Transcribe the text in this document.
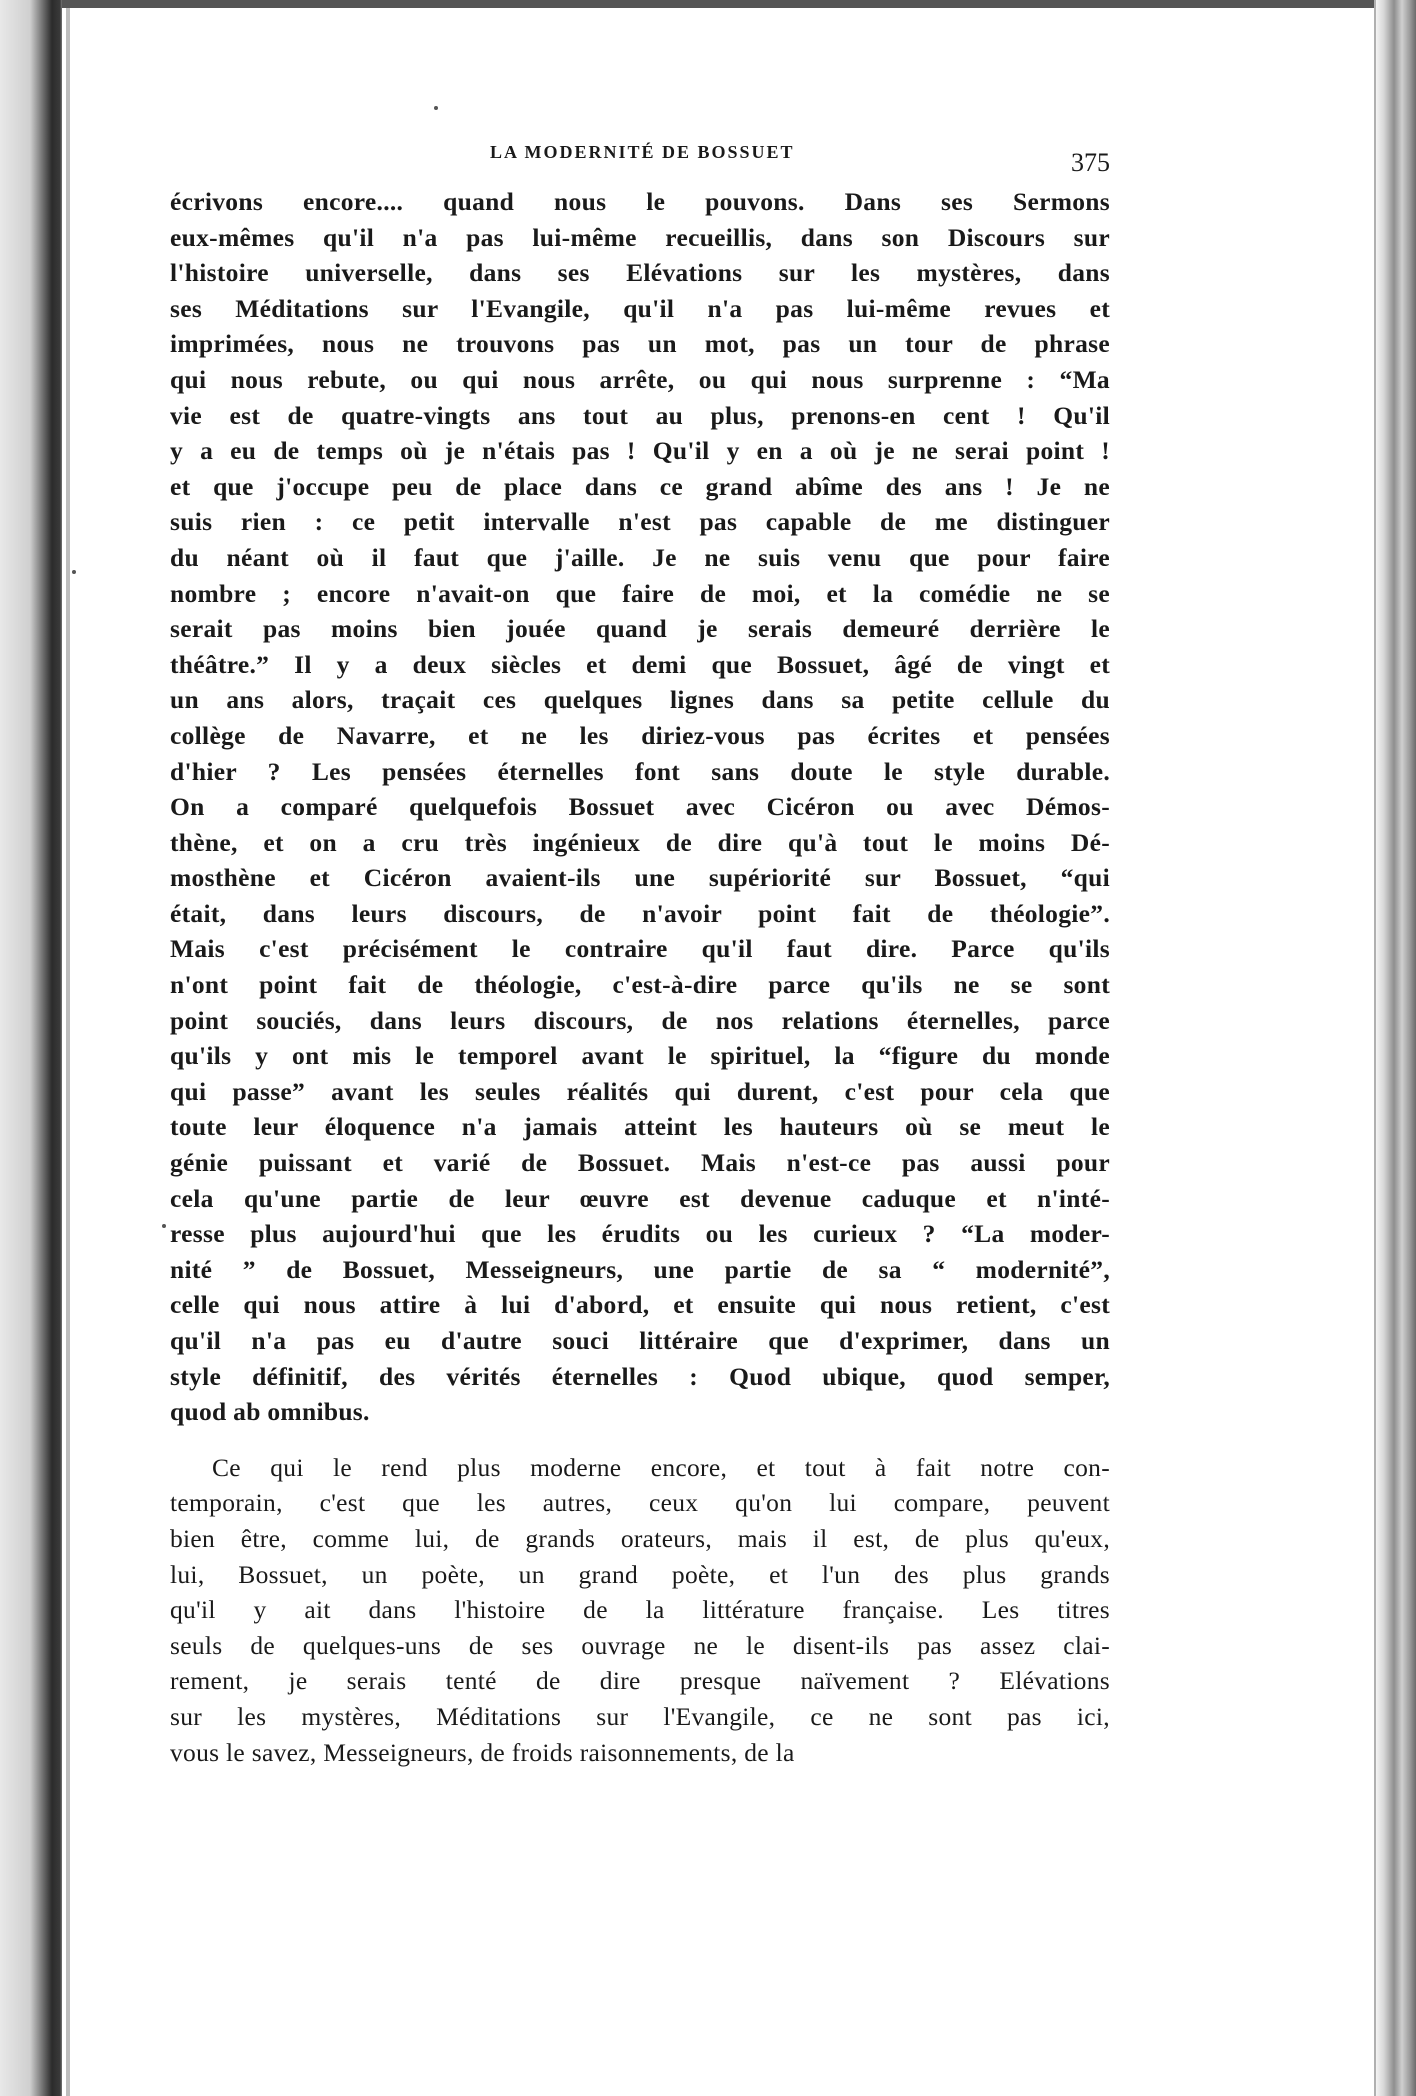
LA MODERNITÉ DE BOSSUET	375
écrivons encore.... quand nous le pouvons. Dans ses Sermons
eux-mêmes qu'il n'a pas lui-même recueillis, dans son Discours sur
l'histoire universelle, dans ses Elévations sur les mystères, dans
ses Méditations sur l'Evangile, qu'il n'a pas lui-même revues et
imprimées, nous ne trouvons pas un mot, pas un tour de phrase
qui nous rebute, ou qui nous arrête, ou qui nous surprenne : “Ma
vie est de quatre-vingts ans tout au plus, prenons-en cent ! Qu'il
y a eu de temps où je n'étais pas ! Qu'il y en a où je ne serai point !
et que j'occupe peu de place dans ce grand abîme des ans ! Je ne
suis rien : ce petit intervalle n'est pas capable de me distinguer
du néant où il faut que j'aille. Je ne suis venu que pour faire
nombre ; encore n'avait-on que faire de moi, et la comédie ne se
serait pas moins bien jouée quand je serais demeuré derrière le
théâtre.” Il y a deux siècles et demi que Bossuet, âgé de vingt et
un ans alors, traçait ces quelques lignes dans sa petite cellule du
collège de Navarre, et ne les diriez-vous pas écrites et pensées
d'hier ? Les pensées éternelles font sans doute le style durable.
On a comparé quelquefois Bossuet avec Cicéron ou avec Démos-
thène, et on a cru très ingénieux de dire qu'à tout le moins Dé-
mosthène et Cicéron avaient-ils une supériorité sur Bossuet, “qui
était, dans leurs discours, de n'avoir point fait de théologie”.
Mais c'est précisément le contraire qu'il faut dire. Parce qu'ils
n'ont point fait de théologie, c'est-à-dire parce qu'ils ne se sont
point souciés, dans leurs discours, de nos relations éternelles, parce
qu'ils y ont mis le temporel avant le spirituel, la “figure du monde
qui passe” avant les seules réalités qui durent, c'est pour cela que
toute leur éloquence n'a jamais atteint les hauteurs où se meut le
génie puissant et varié de Bossuet. Mais n'est-ce pas aussi pour
cela qu'une partie de leur œuvre est devenue caduque et n'inté-
resse plus aujourd'hui que les érudits ou les curieux ? “La moder-
nité ” de Bossuet, Messeigneurs, une partie de sa “ modernité”,
celle qui nous attire à lui d'abord, et ensuite qui nous retient, c'est
qu'il n'a pas eu d'autre souci littéraire que d'exprimer, dans un
style définitif, des vérités éternelles : Quod ubique, quod semper,
quod ab omnibus.
Ce qui le rend plus moderne encore, et tout à fait notre con-
temporain, c'est que les autres, ceux qu'on lui compare, peuvent
bien être, comme lui, de grands orateurs, mais il est, de plus qu'eux,
lui, Bossuet, un poète, un grand poète, et l'un des plus grands
qu'il y ait dans l'histoire de la littérature française. Les titres
seuls de quelques-uns de ses ouvrage ne le disent-ils pas assez clai-
rement, je serais tenté de dire presque naïvement ? Elévations
sur les mystères, Méditations sur l'Evangile, ce ne sont pas ici,
vous le savez, Messeigneurs, de froids raisonnements, de la
